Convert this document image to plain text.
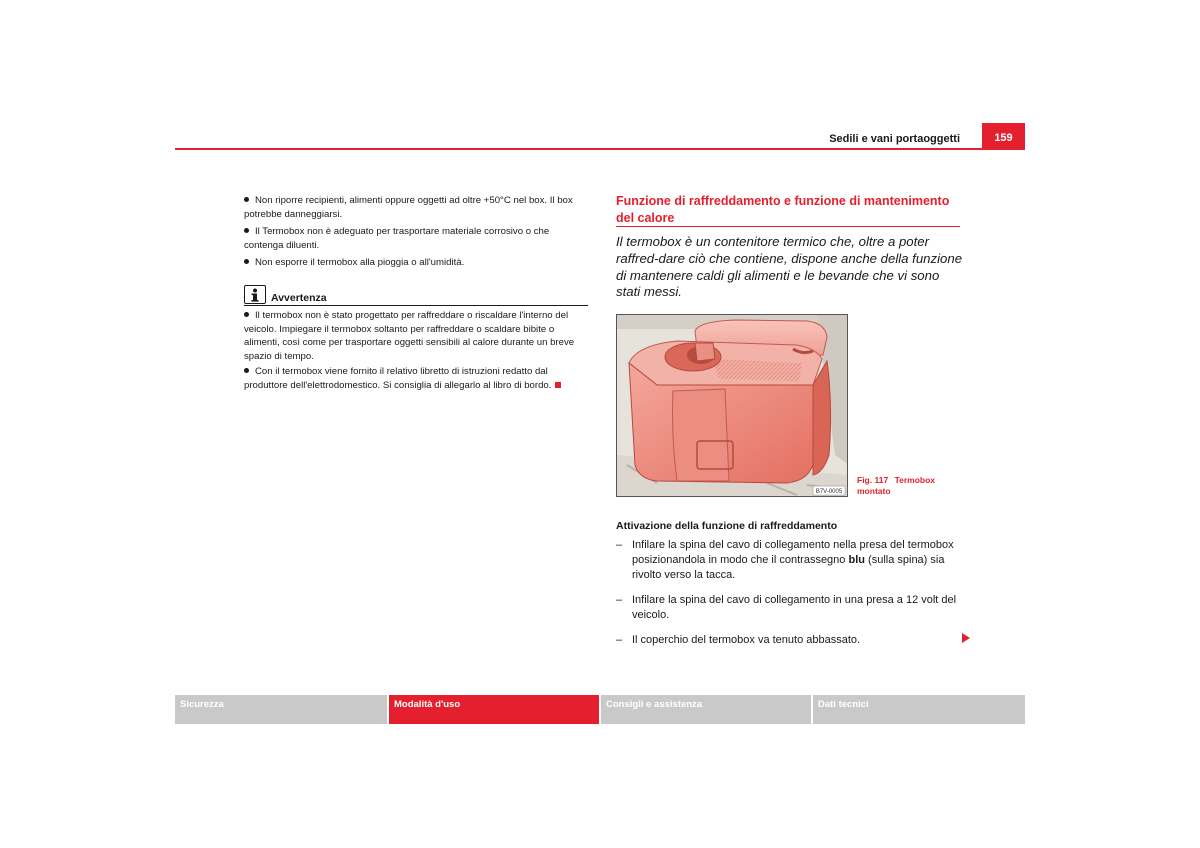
Sedili e vani portaoggetti	159
Non riporre recipienti, alimenti oppure oggetti ad oltre +50°C nel box. Il box potrebbe danneggiarsi.
Il Termobox non è adeguato per trasportare materiale corrosivo o che contenga diluenti.
Non esporre il termobox alla pioggia o all'umidità.
Avvertenza
Il termobox non è stato progettato per raffreddare o riscaldare l'interno del veicolo. Impiegare il termobox soltanto per raffreddare o scaldare bibite o alimenti, così come per trasportare oggetti sensibili al calore durante un breve spazio di tempo.
Con il termobox viene fornito il relativo libretto di istruzioni redatto dal produttore dell'elettrodomestico. Si consiglia di allegarlo al libro di bordo.
Funzione di raffreddamento e funzione di mantenimento del calore
Il termobox è un contenitore termico che, oltre a poter raffred-dare ciò che contiene, dispone anche della funzione di mantenere caldi gli alimenti e le bevande che vi sono stati messi.
B7V-0005
Fig. 117 Termobox montato
Attivazione della funzione di raffreddamento
– Infilare la spina del cavo di collegamento nella presa del termobox posizionandola in modo che il contrassegno blu (sulla spina) sia rivolto verso la tacca.
– Infilare la spina del cavo di collegamento in una presa a 12 volt del veicolo.
– Il coperchio del termobox va tenuto abbassato.
Sicurezza	Modalità d'uso	Consigli e assistenza	Dati tecnici
